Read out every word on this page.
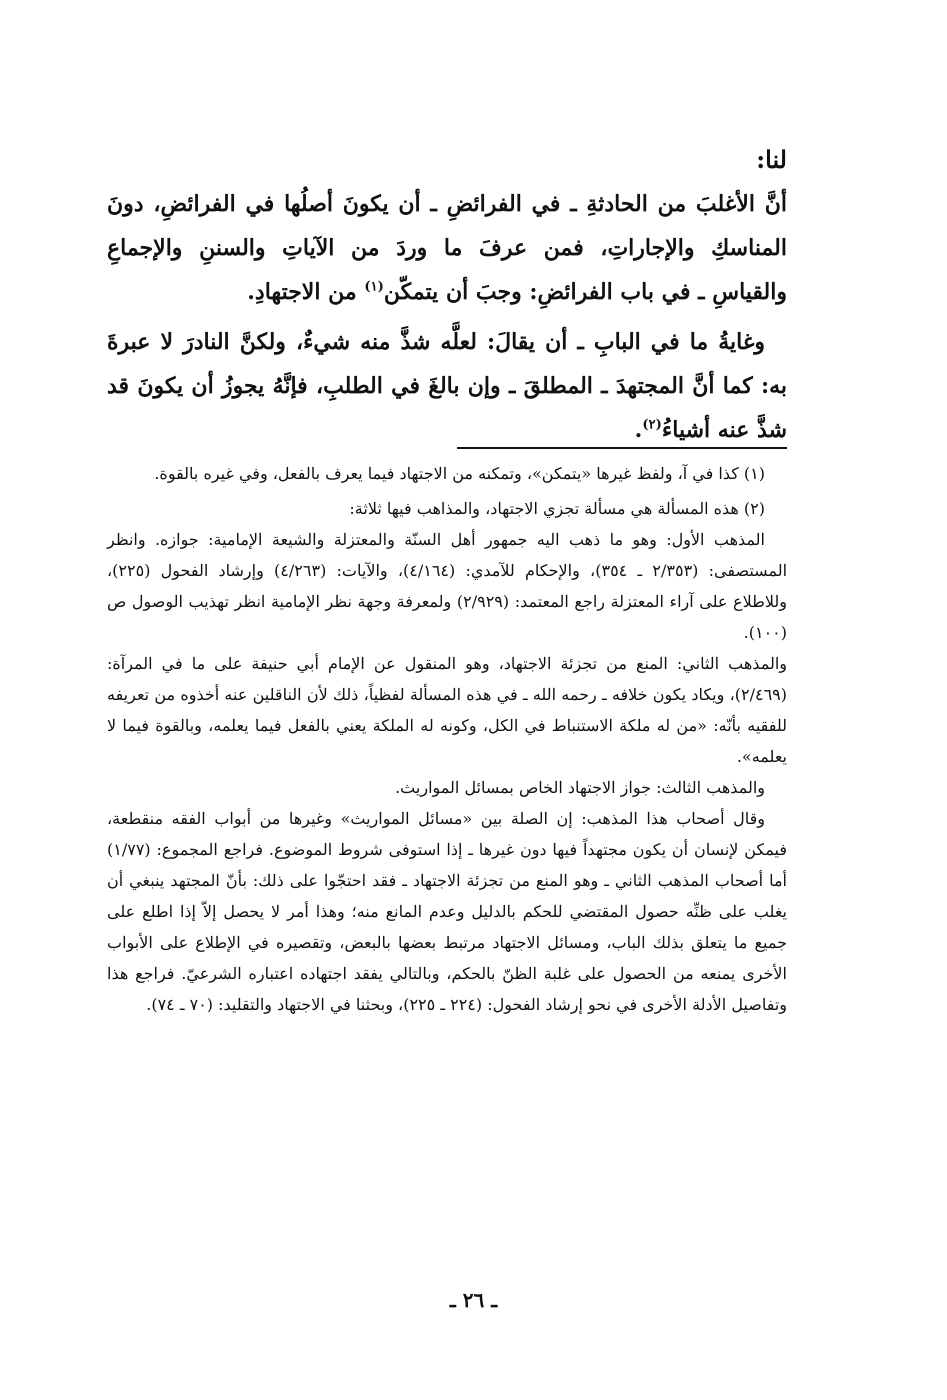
لنا:

أنَّ الأغلبَ من الحادثةِ ـ في الفرائضِ ـ أن يكونَ أصلُها في الفرائضِ، دونَ المناسكِ والإجاراتِ، فمن عرفَ ما وردَ من الآياتِ والسننِ والإجماعِ والقياسِ ـ في باب الفرائضِ: وجبَ أن يتمكّن$^{(١)}$ من الاجتهادِ.

وغايةُ ما في البابِ ـ أن يقالَ: لعلَّه شذَّ منه شيءٌ، ولكنَّ النادرَ لا عبرةَ به: كما أنَّ المجتهدَ ـ المطلقَ ـ وإن بالغَ في الطلبِ، فإنَّهُ يجوزُ أن يكونَ قد شذَّ عنه أشياءُ$^{(٢)}$.

(١) كذا في آ، ولفظ غيرها «يتمكن»، وتمكنه من الاجتهاد فيما يعرف بالفعل، وفي غيره بالقوة.

(٢) هذه المسألة هي مسألة تجزي الاجتهاد، والمذاهب فيها ثلاثة:

المذهب الأول: وهو ما ذهب اليه جمهور أهل السنّة والمعتزلة والشيعة الإمامية: جوازه. وانظر المستصفى: (٢/٣٥٣ ـ ٣٥٤)، والإحكام للآمدي: (٤/١٦٤)، والآيات: (٤/٢٦٣) وإرشاد الفحول (٢٢٥)، وللاطلاع على آراء المعتزلة راجع المعتمد: (٢/٩٢٩) ولمعرفة وجهة نظر الإمامية انظر تهذيب الوصول ص (١٠٠).

والمذهب الثاني: المنع من تجزئة الاجتهاد، وهو المنقول عن الإمام أبي حنيفة على ما في المرآة: (٢/٤٦٩)، ويكاد يكون خلافه ـ رحمه الله ـ في هذه المسألة لفظياً، ذلك لأن الناقلين عنه أخذوه من تعريفه للفقيه بأنّه: «من له ملكة الاستنباط في الكل، وكونه له الملكة يعني بالفعل فيما يعلمه، وبالقوة فيما لا يعلمه».

والمذهب الثالث: جواز الاجتهاد الخاص بمسائل المواريث.

وقال أصحاب هذا المذهب: إن الصلة بين «مسائل المواريث» وغيرها من أبواب الفقه منقطعة، فيمكن لإنسان أن يكون مجتهداً فيها دون غيرها ـ إذا استوفى شروط الموضوع. فراجع المجموع: (١/٧٧) أما أصحاب المذهب الثاني ـ وهو المنع من تجزئة الاجتهاد ـ فقد احتجّوا على ذلك: بأنّ المجتهد ينبغي أن يغلب على ظنِّه حصول المقتضي للحكم بالدليل وعدم المانع منه؛ وهذا أمر لا يحصل إلاّ إذا اطلع على جميع ما يتعلق بذلك الباب، ومسائل الاجتهاد مرتبط بعضها بالبعض، وتقصيره في الإطلاع على الأبواب الأخرى يمنعه من الحصول على غلبة الظنّ بالحكم، وبالتالي يفقد اجتهاده اعتباره الشرعيّ. فراجع هذا وتفاصيل الأدلة الأخرى في نحو إرشاد الفحول: (٢٢٤ ـ ٢٢٥)، وبحثنا في الاجتهاد والتقليد: (٧٠ ـ ٧٤).

ـ ٢٦ ـ
